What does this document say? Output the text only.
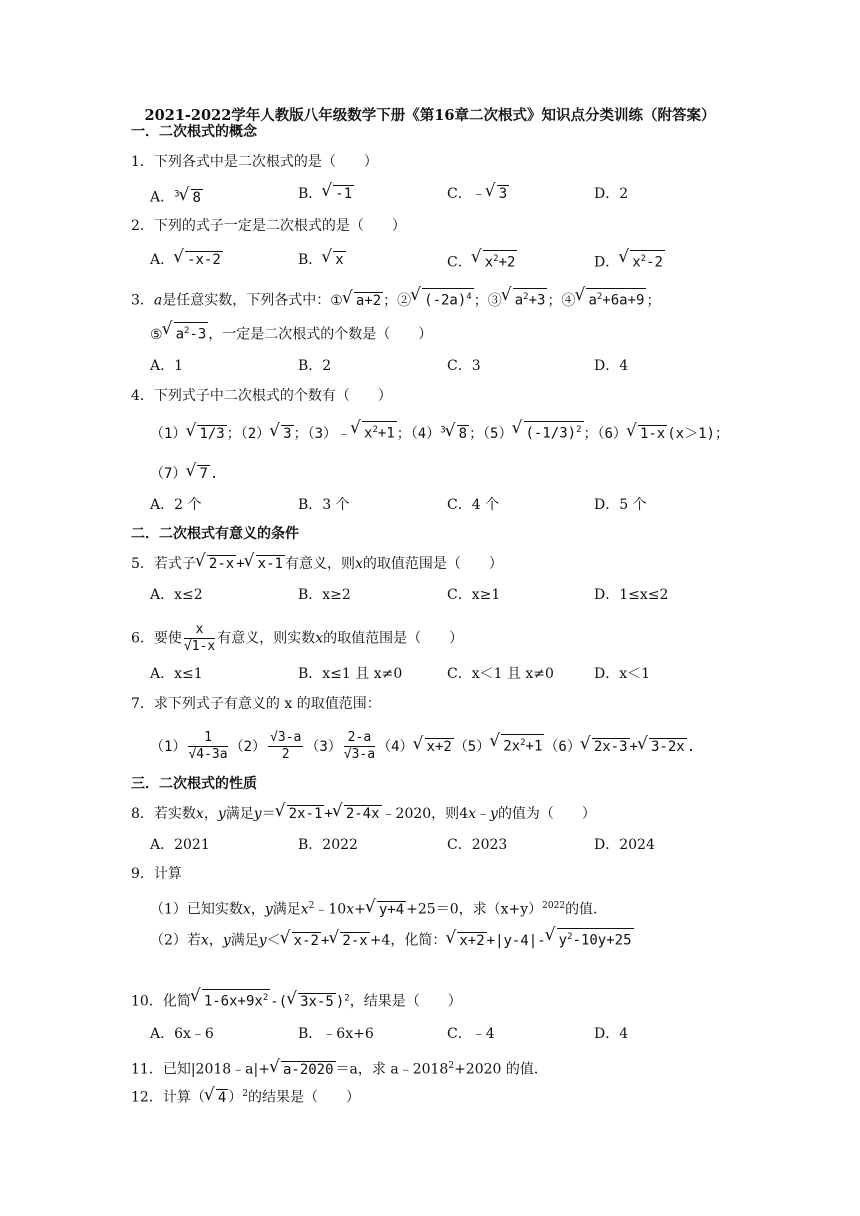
2021-2022学年人教版八年级数学下册《第16章二次根式》知识点分类训练（附答案）
一．二次根式的概念
1．下列各式中是二次根式的是（　　）
A．$^3$√ 8	B．√ -1	C．﹣√ 3	D．2
2．下列的式子一定是二次根式的是（　　）
A．√ -x-2	B．√ x	C．√ $x^2+2$	D．√ $x^2-2$
3．a是任意实数，下列各式中：①√ a+2 ；②√ $(-2a)^4$ ；③√ $a^2+3$ ；④√ $a^2+6a+9$ ；
⑤√ $a^2-3$ ，一定是二次根式的个数是（　　）
A．1	B．2	C．3	D．4
4．下列式子中二次根式的个数有（　　）
（1）√ 1/3 ；（2）√ 3 ；（3）﹣√ $x^2+1$ ；$(4)^3√$ 8 ；（5）√ $(-1/3)^2$ ；（6）√ 1-x (x＞1)；
（7）√ 7 .
A．2 个	B．3 个	C．4 个	D．5 个
二．二次根式有意义的条件
5．若式子√ 2-x +√ x-1 有意义，则x的取值范围是（　　）
A．x≤2	B．x≥2	C．x≥1	D．1≤x≤2
6．要使 $\frac{x}{√1-x}$ 有意义，则实数x的取值范围是（　　）
A．x≤1	B．x≤1 且 x≠0	C．x＜1 且 x≠0	D．x＜1
7．求下列式子有意义的 x 的取值范围：
$(1) \frac{1}{√4-3a} (2) \frac{√3-a}{2} (3) \frac{2-a}{√3-a} (4)√$ x+2 （5）√ $2x^2+1$ （6）√ 2x-3 +√ 3-2x .
三．二次根式的性质
8．若实数x，y满足y＝√ 2x-1 +√ 2-4x ﹣2020，则4x﹣y的值为（　　）
A．2021	B．2022	C．2023	D．2024
9．计算
（1）已知实数x，y满足$x^2﹣10x+√$ y+4 +25＝0，求$(x+y)^{2022}$的值．
（2）若x，y满足y＜√ x-2 +√ 2-x +4，化简：√ x+2 +|y-4|-√ $y^2-10y+25$
10．化简√ $1-6x+9x^2$ -(√ 3x-5 )$^2$，结果是（　　）
A．6x﹣6	B．﹣6x+6	C．﹣4	D．4
11．已知|2018﹣a|+√ a-2020 ＝a，求 $a﹣2018^2+2020$ 的值．
12．计算（√ 4 ）$^2$的结果是（　　）
